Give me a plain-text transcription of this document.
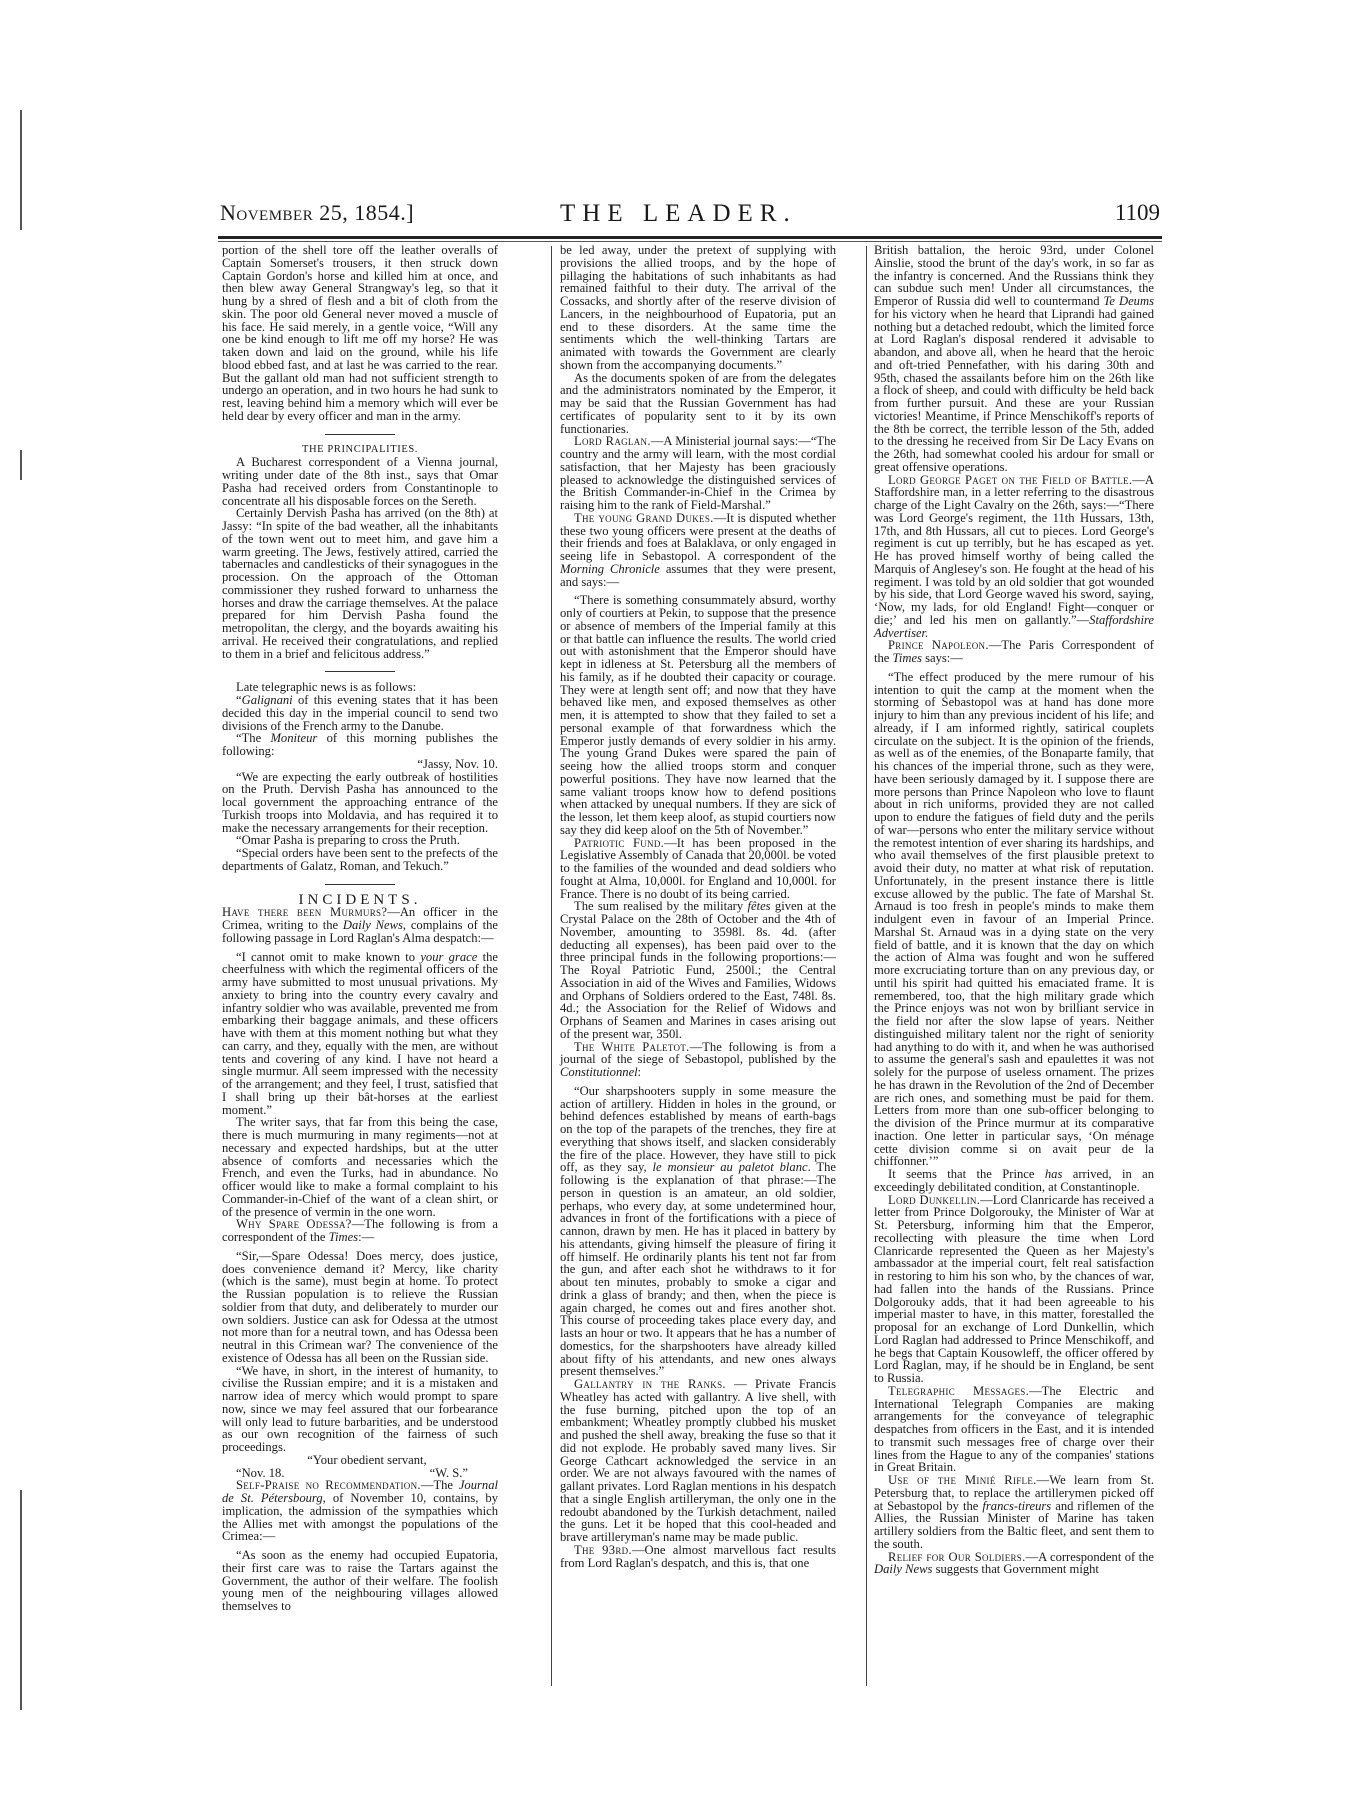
November 25, 1854.]	THE LEADER.	1109

portion of the shell tore off the leather overalls of Captain Somerset's trousers, it then struck down Captain Gordon's horse and killed him at once, and then blew away General Strangway's leg, so that it hung by a shred of flesh and a bit of cloth from the skin. The poor old General never moved a muscle of his face. He said merely, in a gentle voice, “Will any one be kind enough to lift me off my horse? He was taken down and laid on the ground, while his life blood ebbed fast, and at last he was carried to the rear. But the gallant old man had not sufficient strength to undergo an operation, and in two hours he had sunk to rest, leaving behind him a memory which will ever be held dear by every officer and man in the army.

THE PRINCIPALITIES.

A Bucharest correspondent of a Vienna journal, writing under date of the 8th inst., says that Omar Pasha had received orders from Constantinople to concentrate all his disposable forces on the Sereth.

Certainly Dervish Pasha has arrived (on the 8th) at Jassy: “In spite of the bad weather, all the inhabitants of the town went out to meet him, and gave him a warm greeting. The Jews, festively attired, carried the tabernacles and candlesticks of their synagogues in the procession. On the approach of the Ottoman commissioner they rushed forward to unharness the horses and draw the carriage themselves. At the palace prepared for him Dervish Pasha found the metropolitan, the clergy, and the boyards awaiting his arrival. He received their congratulations, and replied to them in a brief and felicitous address.”

Late telegraphic news is as follows:

“Galignani of this evening states that it has been decided this day in the imperial council to send two divisions of the French army to the Danube.

“The Moniteur of this morning publishes the following:

“Jassy, Nov. 10.

“We are expecting the early outbreak of hostilities on the Pruth. Dervish Pasha has announced to the local government the approaching entrance of the Turkish troops into Moldavia, and has required it to make the necessary arrangements for their reception.

“Omar Pasha is preparing to cross the Pruth.

“Special orders have been sent to the prefects of the departments of Galatz, Roman, and Tekuch.”

INCIDENTS.

Have there been Murmurs?—An officer in the Crimea, writing to the Daily News, complains of the following passage in Lord Raglan's Alma despatch:—

“I cannot omit to make known to your grace the cheerfulness with which the regimental officers of the army have submitted to most unusual privations. My anxiety to bring into the country every cavalry and infantry soldier who was available, prevented me from embarking their baggage animals, and these officers have with them at this moment nothing but what they can carry, and they, equally with the men, are without tents and covering of any kind. I have not heard a single murmur. All seem impressed with the necessity of the arrangement; and they feel, I trust, satisfied that I shall bring up their bât-horses at the earliest moment.”

The writer says, that far from this being the case, there is much murmuring in many regiments—not at necessary and expected hardships, but at the utter absence of comforts and necessaries which the French, and even the Turks, had in abundance. No officer would like to make a formal complaint to his Commander-in-Chief of the want of a clean shirt, or of the presence of vermin in the one worn.

Why Spare Odessa?—The following is from a correspondent of the Times:—

“Sir,—Spare Odessa! Does mercy, does justice, does convenience demand it? Mercy, like charity (which is the same), must begin at home. To protect the Russian population is to relieve the Russian soldier from that duty, and deliberately to murder our own soldiers. Justice can ask for Odessa at the utmost not more than for a neutral town, and has Odessa been neutral in this Crimean war? The convenience of the existence of Odessa has all been on the Russian side.

“We have, in short, in the interest of humanity, to civilise the Russian empire; and it is a mistaken and narrow idea of mercy which would prompt to spare now, since we may feel assured that our forbearance will only lead to future barbarities, and be understood as our own recognition of the fairness of such proceedings.

“Your obedient servant,

“Nov. 18.	“W. S.”

Self-Praise no Recommendation.—The Journal de St. Pétersbourg, of November 10, contains, by implication, the admission of the sympathies which the Allies met with amongst the populations of the Crimea:—

“As soon as the enemy had occupied Eupatoria, their first care was to raise the Tartars against the Government, the author of their welfare. The foolish young men of the neighbouring villages allowed themselves to

be led away, under the pretext of supplying with provisions the allied troops, and by the hope of pillaging the habitations of such inhabitants as had remained faithful to their duty. The arrival of the Cossacks, and shortly after of the reserve division of Lancers, in the neighbourhood of Eupatoria, put an end to these disorders. At the same time the sentiments which the well-thinking Tartars are animated with towards the Government are clearly shown from the accompanying documents.”

As the documents spoken of are from the delegates and the administrators nominated by the Emperor, it may be said that the Russian Government has had certificates of popularity sent to it by its own functionaries.

Lord Raglan.—A Ministerial journal says:—“The country and the army will learn, with the most cordial satisfaction, that her Majesty has been graciously pleased to acknowledge the distinguished services of the British Commander-in-Chief in the Crimea by raising him to the rank of Field-Marshal.”

The young Grand Dukes.—It is disputed whether these two young officers were present at the deaths of their friends and foes at Balaklava, or only engaged in seeing life in Sebastopol. A correspondent of the Morning Chronicle assumes that they were present, and says:—

“There is something consummately absurd, worthy only of courtiers at Pekin, to suppose that the presence or absence of members of the Imperial family at this or that battle can influence the results. The world cried out with astonishment that the Emperor should have kept in idleness at St. Petersburg all the members of his family, as if he doubted their capacity or courage. They were at length sent off; and now that they have behaved like men, and exposed themselves as other men, it is attempted to show that they failed to set a personal example of that forwardness which the Emperor justly demands of every soldier in his army. The young Grand Dukes were spared the pain of seeing how the allied troops storm and conquer powerful positions. They have now learned that the same valiant troops know how to defend positions when attacked by unequal numbers. If they are sick of the lesson, let them keep aloof, as stupid courtiers now say they did keep aloof on the 5th of November.”

Patriotic Fund.—It has been proposed in the Legislative Assembly of Canada that 20,000l. be voted to the families of the wounded and dead soldiers who fought at Alma, 10,000l. for England and 10,000l. for France. There is no doubt of its being carried.

The sum realised by the military fêtes given at the Crystal Palace on the 28th of October and the 4th of November, amounting to 3598l. 8s. 4d. (after deducting all expenses), has been paid over to the three principal funds in the following proportions:—The Royal Patriotic Fund, 2500l.; the Central Association in aid of the Wives and Families, Widows and Orphans of Soldiers ordered to the East, 748l. 8s. 4d.; the Association for the Relief of Widows and Orphans of Seamen and Marines in cases arising out of the present war, 350l.

The White Paletot.—The following is from a journal of the siege of Sebastopol, published by the Constitutionnel:

“Our sharpshooters supply in some measure the action of artillery. Hidden in holes in the ground, or behind defences established by means of earth-bags on the top of the parapets of the trenches, they fire at everything that shows itself, and slacken considerably the fire of the place. However, they have still to pick off, as they say, le monsieur au paletot blanc. The following is the explanation of that phrase:—The person in question is an amateur, an old soldier, perhaps, who every day, at some undetermined hour, advances in front of the fortifications with a piece of cannon, drawn by men. He has it placed in battery by his attendants, giving himself the pleasure of firing it off himself. He ordinarily plants his tent not far from the gun, and after each shot he withdraws to it for about ten minutes, probably to smoke a cigar and drink a glass of brandy; and then, when the piece is again charged, he comes out and fires another shot. This course of proceeding takes place every day, and lasts an hour or two. It appears that he has a number of domestics, for the sharpshooters have already killed about fifty of his attendants, and new ones always present themselves.”

Gallantry in the Ranks. — Private Francis Wheatley has acted with gallantry. A live shell, with the fuse burning, pitched upon the top of an embankment; Wheatley promptly clubbed his musket and pushed the shell away, breaking the fuse so that it did not explode. He probably saved many lives. Sir George Cathcart acknowledged the service in an order. We are not always favoured with the names of gallant privates. Lord Raglan mentions in his despatch that a single English artilleryman, the only one in the redoubt abandoned by the Turkish detachment, nailed the guns. Let it be hoped that this cool-headed and brave artilleryman's name may be made public.

The 93rd.—One almost marvellous fact results from Lord Raglan's despatch, and this is, that one

British battalion, the heroic 93rd, under Colonel Ainslie, stood the brunt of the day's work, in so far as the infantry is concerned. And the Russians think they can subdue such men! Under all circumstances, the Emperor of Russia did well to countermand Te Deums for his victory when he heard that Liprandi had gained nothing but a detached redoubt, which the limited force at Lord Raglan's disposal rendered it advisable to abandon, and above all, when he heard that the heroic and oft-tried Pennefather, with his daring 30th and 95th, chased the assailants before him on the 26th like a flock of sheep, and could with difficulty be held back from further pursuit. And these are your Russian victories! Meantime, if Prince Menschikoff's reports of the 8th be correct, the terrible lesson of the 5th, added to the dressing he received from Sir De Lacy Evans on the 26th, had somewhat cooled his ardour for small or great offensive operations.

Lord George Paget on the Field of Battle.—A Staffordshire man, in a letter referring to the disastrous charge of the Light Cavalry on the 26th, says:—“There was Lord George's regiment, the 11th Hussars, 13th, 17th, and 8th Hussars, all cut to pieces. Lord George's regiment is cut up terribly, but he has escaped as yet. He has proved himself worthy of being called the Marquis of Anglesey's son. He fought at the head of his regiment. I was told by an old soldier that got wounded by his side, that Lord George waved his sword, saying, ‘Now, my lads, for old England! Fight—conquer or die;’ and led his men on gallantly.”—Staffordshire Advertiser.

Prince Napoleon.—The Paris Correspondent of the Times says:—

“The effect produced by the mere rumour of his intention to quit the camp at the moment when the storming of Sebastopol was at hand has done more injury to him than any previous incident of his life; and already, if I am informed rightly, satirical couplets circulate on the subject. It is the opinion of the friends, as well as of the enemies, of the Bonaparte family, that his chances of the imperial throne, such as they were, have been seriously damaged by it. I suppose there are more persons than Prince Napoleon who love to flaunt about in rich uniforms, provided they are not called upon to endure the fatigues of field duty and the perils of war—persons who enter the military service without the remotest intention of ever sharing its hardships, and who avail themselves of the first plausible pretext to avoid their duty, no matter at what risk of reputation. Unfortunately, in the present instance there is little excuse allowed by the public. The fate of Marshal St. Arnaud is too fresh in people's minds to make them indulgent even in favour of an Imperial Prince. Marshal St. Arnaud was in a dying state on the very field of battle, and it is known that the day on which the action of Alma was fought and won he suffered more excruciating torture than on any previous day, or until his spirit had quitted his emaciated frame. It is remembered, too, that the high military grade which the Prince enjoys was not won by brilliant service in the field nor after the slow lapse of years. Neither distinguished military talent nor the right of seniority had anything to do with it, and when he was authorised to assume the general's sash and epaulettes it was not solely for the purpose of useless ornament. The prizes he has drawn in the Revolution of the 2nd of December are rich ones, and something must be paid for them. Letters from more than one sub-officer belonging to the division of the Prince murmur at its comparative inaction. One letter in particular says, ‘On ménage cette division comme si on avait peur de la chiffonner.’”

It seems that the Prince has arrived, in an exceedingly debilitated condition, at Constantinople.

Lord Dunkellin.—Lord Clanricarde has received a letter from Prince Dolgorouky, the Minister of War at St. Petersburg, informing him that the Emperor, recollecting with pleasure the time when Lord Clanricarde represented the Queen as her Majesty's ambassador at the imperial court, felt real satisfaction in restoring to him his son who, by the chances of war, had fallen into the hands of the Russians. Prince Dolgorouky adds, that it had been agreeable to his imperial master to have, in this matter, forestalled the proposal for an exchange of Lord Dunkellin, which Lord Raglan had addressed to Prince Menschikoff, and he begs that Captain Kousowleff, the officer offered by Lord Raglan, may, if he should be in England, be sent to Russia.

Telegraphic Messages.—The Electric and International Telegraph Companies are making arrangements for the conveyance of telegraphic despatches from officers in the East, and it is intended to transmit such messages free of charge over their lines from the Hague to any of the companies' stations in Great Britain.

Use of the Minié Rifle.—We learn from St. Petersburg that, to replace the artillerymen picked off at Sebastopol by the francs-tireurs and riflemen of the Allies, the Russian Minister of Marine has taken artillery soldiers from the Baltic fleet, and sent them to the south.

Relief for Our Soldiers.—A correspondent of the Daily News suggests that Government might
